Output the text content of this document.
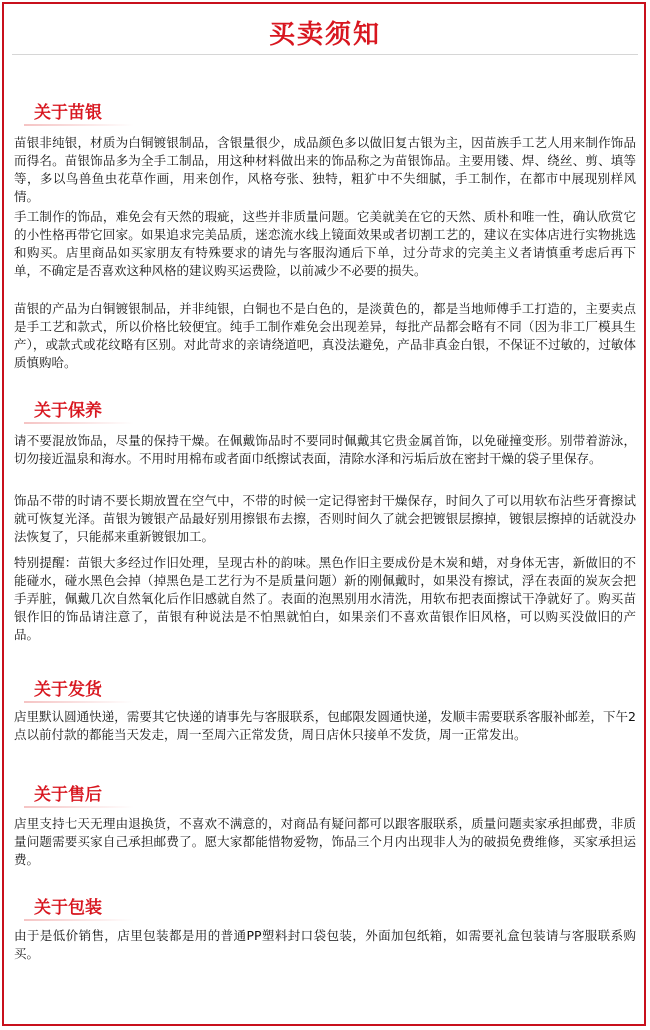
买卖须知
关于苗银
苗银非纯银，材质为白铜镀银制品，含银量很少，成品颜色多以做旧复古银为主，因苗族手工艺人用来制作饰品而得名。苗银饰品多为全手工制品，用这种材料做出来的饰品称之为苗银饰品。主要用镂、焊、绕丝、剪、填等等，多以鸟兽鱼虫花草作画，用来创作，风格夸张、独特，粗犷中不失细腻，手工制作，在都市中展现别样风情。
手工制作的饰品，难免会有天然的瑕疵，这些并非质量问题。它美就美在它的天然、质朴和唯一性，确认欣赏它的小性格再带它回家。如果追求完美品质，迷恋流水线上镜面效果或者切割工艺的，建议在实体店进行实物挑选和购买。店里商品如买家朋友有特殊要求的请先与客服沟通后下单，过分苛求的完美主义者请慎重考虑后再下单，不确定是否喜欢这种风格的建议购买运费险，以前减少不必要的损失。
苗银的产品为白铜镀银制品，并非纯银，白铜也不是白色的，是淡黄色的，都是当地师傅手工打造的，主要卖点是手工艺和款式，所以价格比较便宜。纯手工制作难免会出现差异，每批产品都会略有不同（因为非工厂模具生产），或款式或花纹略有区别。对此苛求的亲请绕道吧，真没法避免，产品非真金白银，不保证不过敏的，过敏体质慎购哈。
关于保养
请不要混放饰品，尽量的保持干燥。在佩戴饰品时不要同时佩戴其它贵金属首饰，以免碰撞变形。别带着游泳，切勿接近温泉和海水。不用时用棉布或者面巾纸擦试表面，清除水泽和污垢后放在密封干燥的袋子里保存。
饰品不带的时请不要长期放置在空气中，不带的时候一定记得密封干燥保存，时间久了可以用软布沾些牙膏擦试就可恢复光泽。苗银为镀银产品最好别用擦银布去擦，否则时间久了就会把镀银层擦掉，镀银层擦掉的话就没办法恢复了，只能郝来重新镀银加工。
特别提醒：苗银大多经过作旧处理，呈现古朴的韵味。黑色作旧主要成份是木炭和蜡，对身体无害，新做旧的不能碰水，碰水黑色会掉（掉黑色是工艺行为不是质量问题）新的刚佩戴时，如果没有擦试，浮在表面的炭灰会把手弄脏，佩戴几次自然氧化后作旧感就自然了。表面的泡黑别用水清洗，用软布把表面擦试干净就好了。购买苗银作旧的饰品请注意了，苗银有种说法是不怕黑就怕白，如果亲们不喜欢苗银作旧风格，可以购买没做旧的产品。
关于发货
店里默认圆通快递，需要其它快递的请事先与客服联系，包邮限发圆通快递，发顺丰需要联系客服补邮差，下午2点以前付款的都能当天发走，周一至周六正常发货，周日店休只接单不发货，周一正常发出。
关于售后
店里支持七天无理由退换货，不喜欢不满意的，对商品有疑问都可以跟客服联系，质量问题卖家承担邮费，非质量问题需要买家自己承担邮费了。愿大家都能惜物爱物，饰品三个月内出现非人为的破损免费维修，买家承担运费。
关于包装
由于是低价销售，店里包装都是用的普通PP塑料封口袋包装，外面加包纸箱，如需要礼盒包装请与客服联系购买。
